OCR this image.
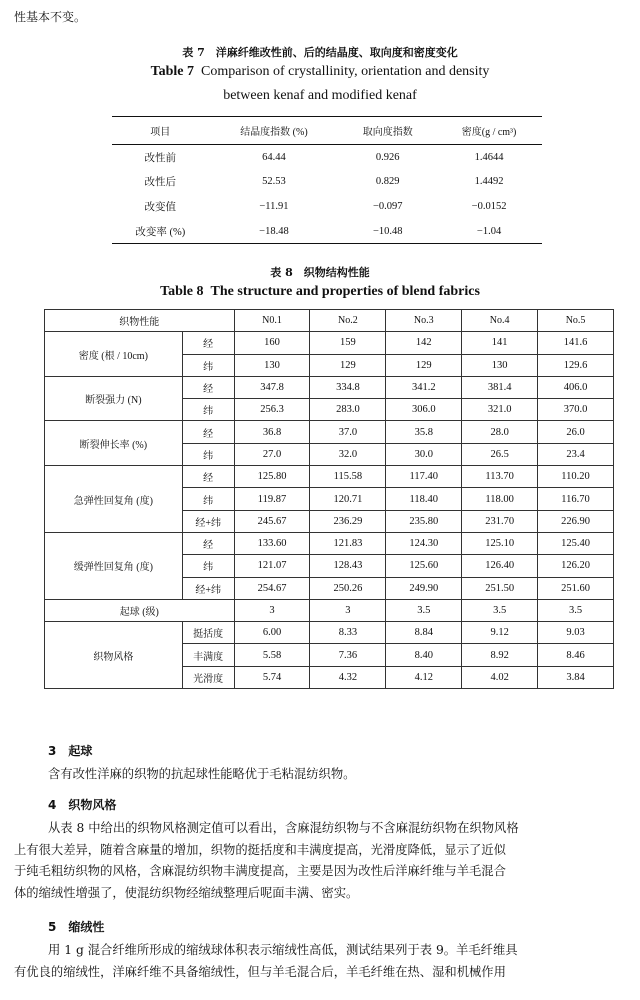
性基本不变。
表 7　洋麻纤维改性前、后的结晶度、取向度和密度变化
Table 7 Comparison of crystallinity, orientation and density
between kenaf and modified kenaf
项目	结晶度指数 (%)	取向度指数	密度(g / cm³)
改性前	64.44	0.926	1.4644
改性后	52.53	0.829	1.4492
改变值	−11.91	−0.097	−0.0152
改变率 (%)	−18.48	−10.48	−1.04
表 8　织物结构性能
Table 8 The structure and properties of blend fabrics
织物性能		N0.1	No.2	No.3	No.4	No.5
密度 (根 / 10cm)	经	160	159	142	141	141.6
	纬	130	129	129	130	129.6
断裂强力 (N)	经	347.8	334.8	341.2	381.4	406.0
	纬	256.3	283.0	306.0	321.0	370.0
断裂伸长率 (%)	经	36.8	37.0	35.8	28.0	26.0
	纬	27.0	32.0	30.0	26.5	23.4
急弹性回复角 (度)	经	125.80	115.58	117.40	113.70	110.20
	纬	119.87	120.71	118.40	118.00	116.70
	经+纬	245.67	236.29	235.80	231.70	226.90
缓弹性回复角 (度)	经	133.60	121.83	124.30	125.10	125.40
	纬	121.07	128.43	125.60	126.40	126.20
	经+纬	254.67	250.26	249.90	251.50	251.60
起球 (级)		3	3	3.5	3.5	3.5
织物风格	挺括度	6.00	8.33	8.84	9.12	9.03
	丰满度	5.58	7.36	8.40	8.92	8.46
	光滑度	5.74	4.32	4.12	4.02	3.84
3　起球
含有改性洋麻的织物的抗起球性能略优于毛粘混纺织物。
4　织物风格
从表 8 中给出的织物风格测定值可以看出，含麻混纺织物与不含麻混纺织物在织物风格
上有很大差异，随着含麻量的增加，织物的挺括度和丰满度提高，光滑度降低，显示了近似
于纯毛粗纺织物的风格，含麻混纺织物丰满度提高，主要是因为改性后洋麻纤维与羊毛混合
体的缩绒性增强了，使混纺织物经缩绒整理后呢面丰满、密实。
5　缩绒性
用 1 g 混合纤维所形成的缩绒球体积表示缩绒性高低，测试结果列于表 9。羊毛纤维具
有优良的缩绒性，洋麻纤维不具备缩绒性，但与羊毛混合后，羊毛纤维在热、湿和机械作用
